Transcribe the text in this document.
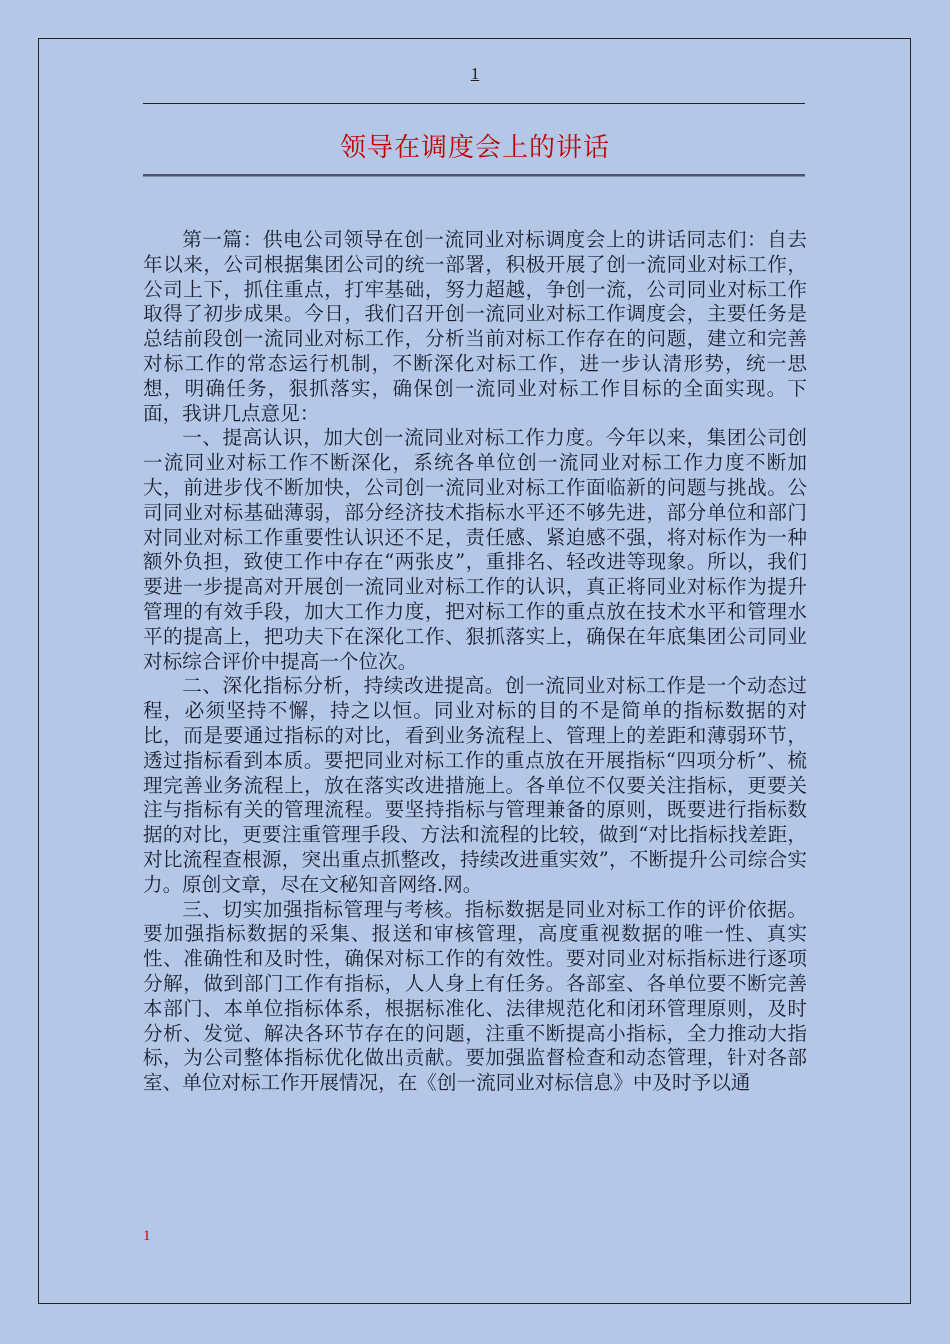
1
领导在调度会上的讲话

第一篇：供电公司领导在创一流同业对标调度会上的讲话同志们：自去年以来，公司根据集团公司的统一部署，积极开展了创一流同业对标工作，公司上下，抓住重点，打牢基础，努力超越，争创一流，公司同业对标工作取得了初步成果。今日，我们召开创一流同业对标工作调度会，主要任务是总结前段创一流同业对标工作，分析当前对标工作存在的问题，建立和完善对标工作的常态运行机制，不断深化对标工作，进一步认清形势，统一思想，明确任务，狠抓落实，确保创一流同业对标工作目标的全面实现。下面，我讲几点意见：

一、提高认识，加大创一流同业对标工作力度。今年以来，集团公司创一流同业对标工作不断深化，系统各单位创一流同业对标工作力度不断加大，前进步伐不断加快，公司创一流同业对标工作面临新的问题与挑战。公司同业对标基础薄弱，部分经济技术指标水平还不够先进，部分单位和部门对同业对标工作重要性认识还不足，责任感、紧迫感不强，将对标作为一种额外负担，致使工作中存在“两张皮”，重排名、轻改进等现象。所以，我们要进一步提高对开展创一流同业对标工作的认识，真正将同业对标作为提升管理的有效手段，加大工作力度，把对标工作的重点放在技术水平和管理水平的提高上，把功夫下在深化工作、狠抓落实上，确保在年底集团公司同业对标综合评价中提高一个位次。

二、深化指标分析，持续改进提高。创一流同业对标工作是一个动态过程，必须坚持不懈，持之以恒。同业对标的目的不是简单的指标数据的对比，而是要通过指标的对比，看到业务流程上、管理上的差距和薄弱环节，透过指标看到本质。要把同业对标工作的重点放在开展指标“四项分析”、梳理完善业务流程上，放在落实改进措施上。各单位不仅要关注指标，更要关注与指标有关的管理流程。要坚持指标与管理兼备的原则，既要进行指标数据的对比，更要注重管理手段、方法和流程的比较，做到“对比指标找差距，对比流程查根源，突出重点抓整改，持续改进重实效”，不断提升公司综合实力。原创文章，尽在文秘知音网络.网。

三、切实加强指标管理与考核。指标数据是同业对标工作的评价依据。要加强指标数据的采集、报送和审核管理，高度重视数据的唯一性、真实性、准确性和及时性，确保对标工作的有效性。要对同业对标指标进行逐项分解，做到部门工作有指标，人人身上有任务。各部室、各单位要不断完善本部门、本单位指标体系，根据标准化、法律规范化和闭环管理原则，及时分析、发觉、解决各环节存在的问题，注重不断提高小指标，全力推动大指标，为公司整体指标优化做出贡献。要加强监督检查和动态管理，针对各部室、单位对标工作开展情况，在《创一流同业对标信息》中及时予以通

1
